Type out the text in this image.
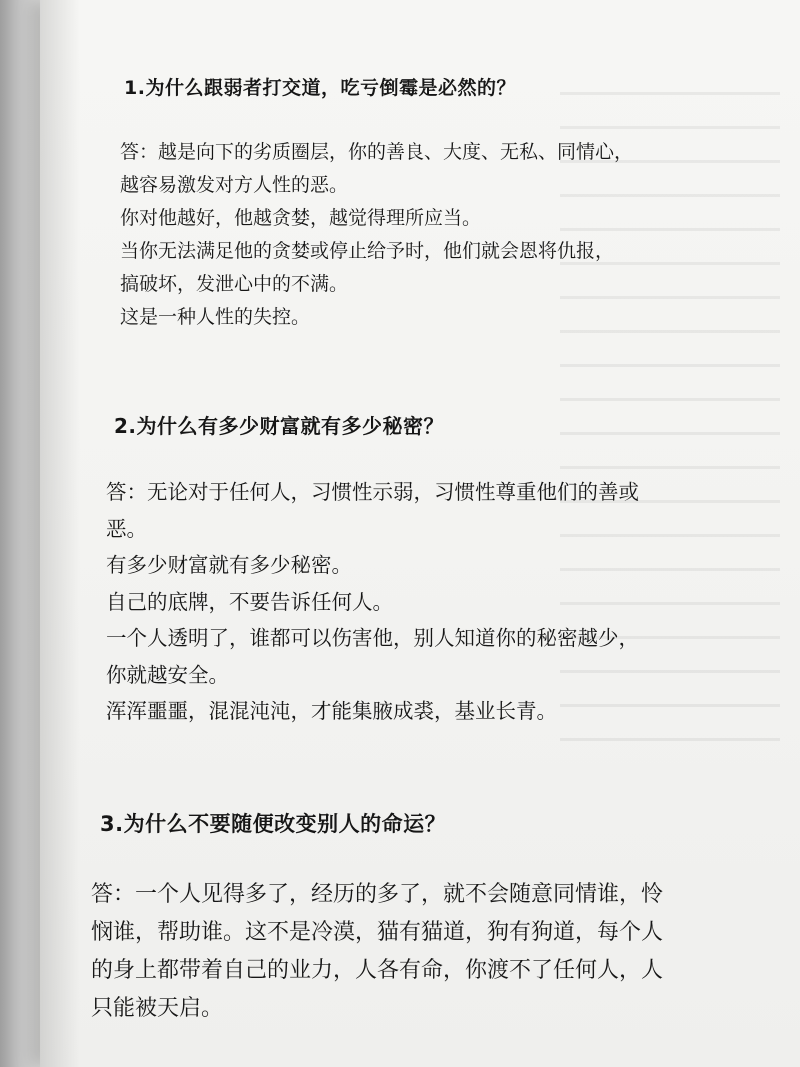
1.为什么跟弱者打交道，吃亏倒霉是必然的？
答：越是向下的劣质圈层，你的善良、大度、无私、同情心，
越容易激发对方人性的恶。
你对他越好，他越贪婪，越觉得理所应当。
当你无法满足他的贪婪或停止给予时，他们就会恩将仇报，
搞破坏，发泄心中的不满。
这是一种人性的失控。
2.为什么有多少财富就有多少秘密？
答：无论对于任何人，习惯性示弱，习惯性尊重他们的善或
恶。
有多少财富就有多少秘密。
自己的底牌，不要告诉任何人。
一个人透明了，谁都可以伤害他，别人知道你的秘密越少，
你就越安全。
浑浑噩噩，混混沌沌，才能集腋成裘，基业长青。
3.为什么不要随便改变别人的命运？
答：一个人见得多了，经历的多了，就不会随意同情谁，怜
悯谁，帮助谁。这不是冷漠，猫有猫道，狗有狗道，每个人
的身上都带着自己的业力，人各有命，你渡不了任何人，人
只能被天启。
